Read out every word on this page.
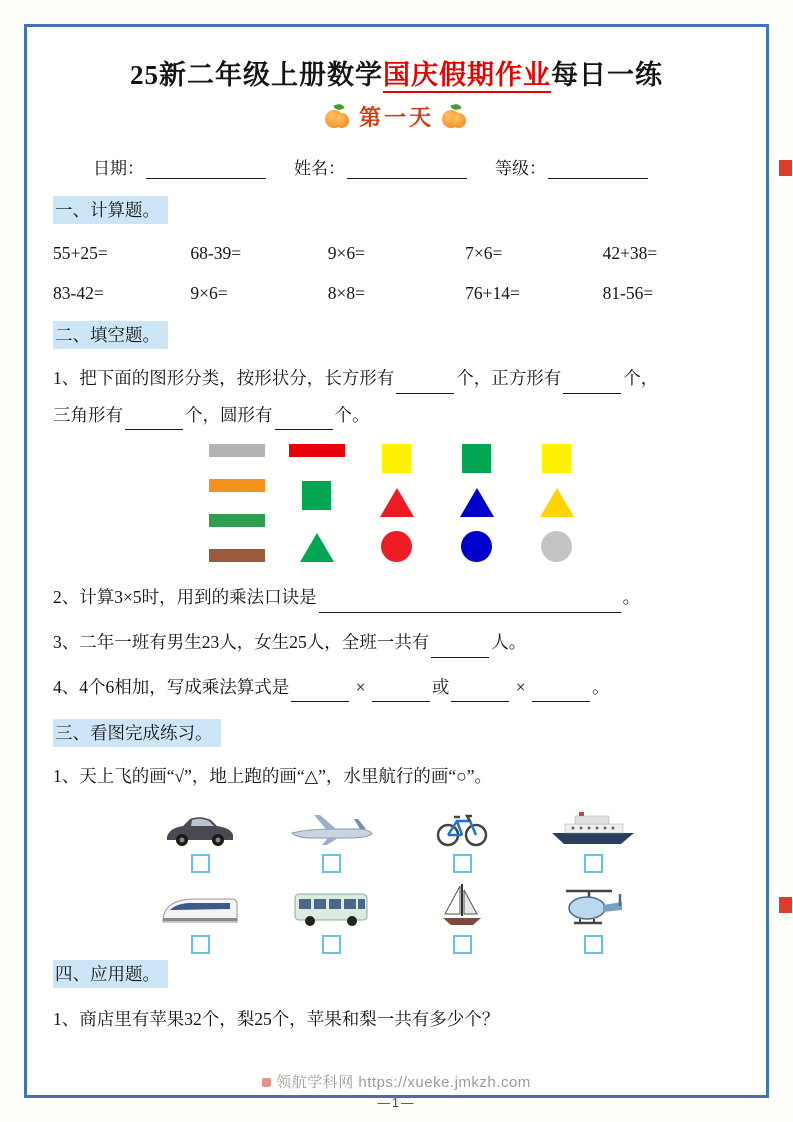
25新二年级上册数学国庆假期作业每日一练
第一天
日期：	姓名：	等级：
一、计算题。
55+25=	68-39=	9×6=	7×6=	42+38=
83-42=	9×6=	8×8=	76+14=	81-56=
二、填空题。
1、把下面的图形分类，按形状分，长方形有	个，正方形有	个，
三角形有	个，圆形有	个。
2、计算3×5时，用到的乘法口诀是	。
3、二年一班有男生23人，女生25人，全班一共有	人。
4、4个6相加，写成乘法算式是	×	或	×	。
三、看图完成练习。
1、天上飞的画“√”，地上跑的画“△”，水里航行的画“○”。
四、应用题。
1、商店里有苹果32个，梨25个，苹果和梨一共有多少个？
领航学科网 https://xueke.jmkzh.com
—1—
